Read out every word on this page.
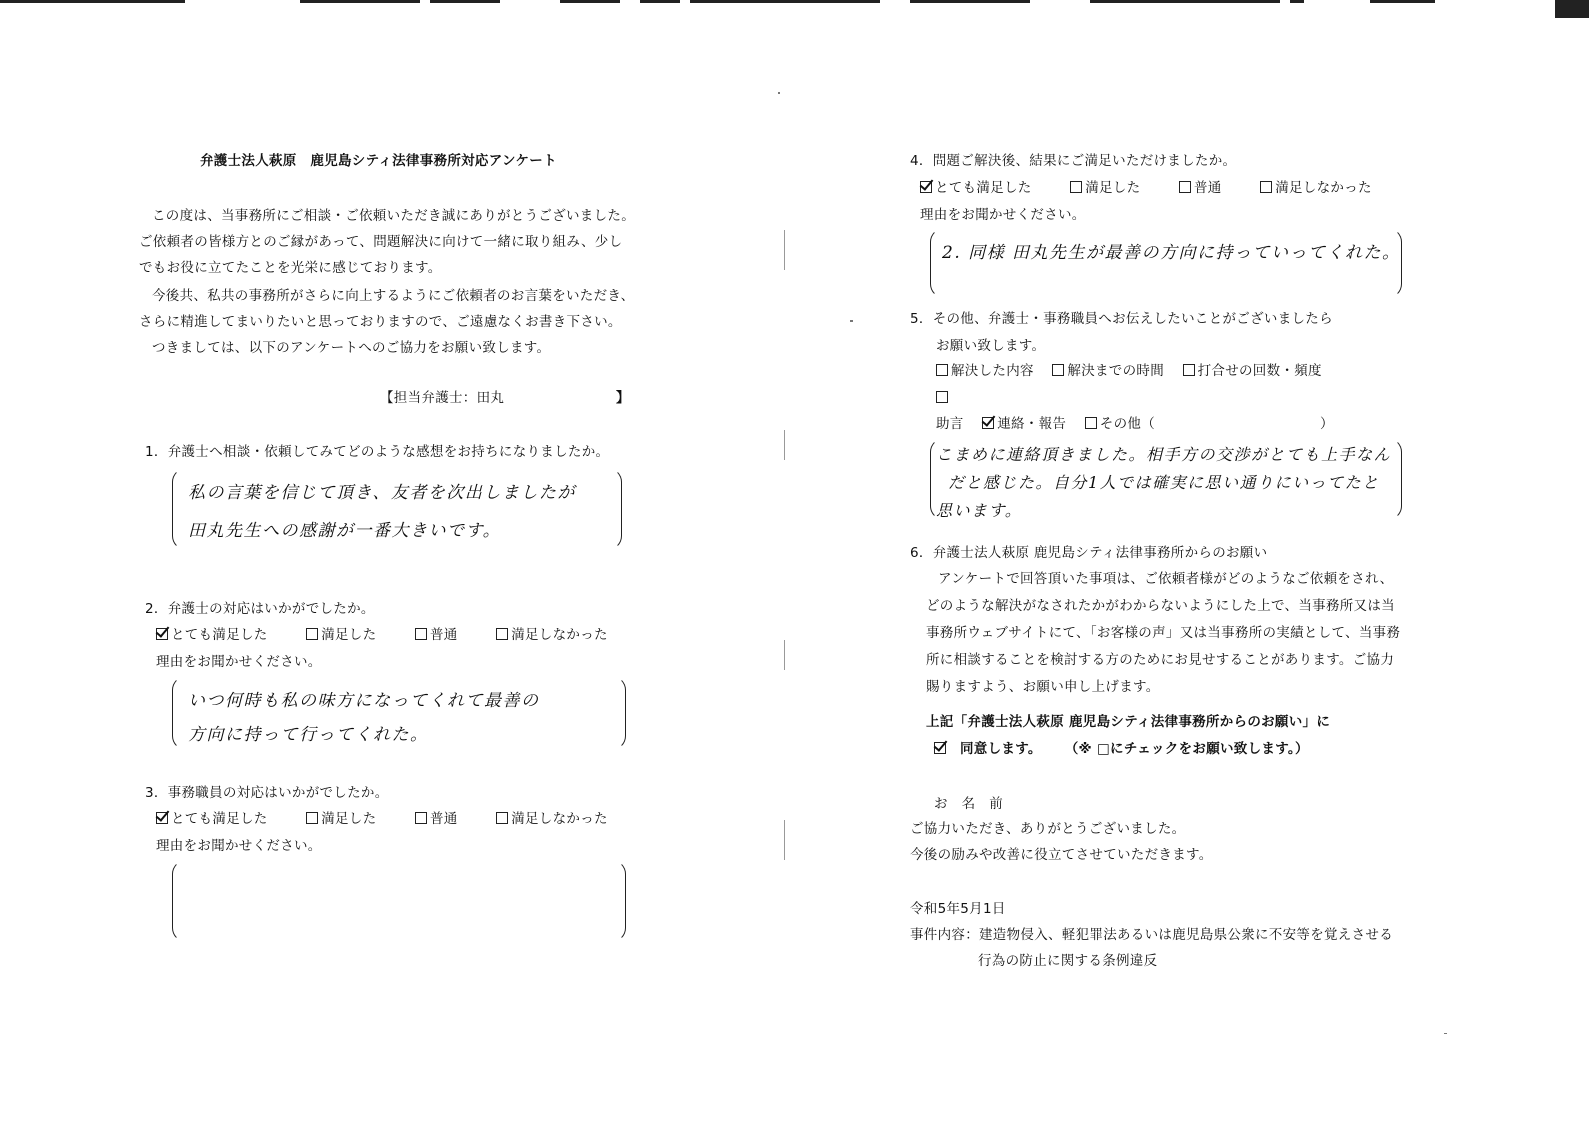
弁護士法人萩原　鹿児島シティ法律事務所対応アンケート
この度は、当事務所にご相談・ご依頼いただき誠にありがとうございました。
ご依頼者の皆様方とのご縁があって、問題解決に向けて一緒に取り組み、少し
でもお役に立てたことを光栄に感じております。
今後共、私共の事務所がさらに向上するようにご依頼者のお言葉をいただき、
さらに精進してまいりたいと思っておりますので、ご遠慮なくお書き下さい。
つきましては、以下のアンケートへのご協力をお願い致します。
【担当弁護士：田丸	】
1．弁護士へ相談・依頼してみてどのような感想をお持ちになりましたか。
私の言葉を信じて頂き、友者を次出しましたが
田丸先生への感謝が一番大きいです。
2．弁護士の対応はいかがでしたか。
とても満足した	満足した	普通	満足しなかった
理由をお聞かせください。
いつ何時も私の味方になってくれて最善の
方向に持って行ってくれた。
3．事務職員の対応はいかがでしたか。
とても満足した	満足した	普通	満足しなかった
理由をお聞かせください。
4．問題ご解決後、結果にご満足いただけましたか。
とても満足した	満足した	普通	満足しなかった
理由をお聞かせください。
2. 同様 田丸先生が最善の方向に持っていってくれた。
5．その他、弁護士・事務職員へお伝えしたいことがございましたら
お願い致します。
解決した内容 解決までの時間 打合せの回数・頻度
助言 連絡・報告 その他（	）
こまめに連絡頂きました。相手方の交渉がとても上手なん
だと感じた。自分1人では確実に思い通りにいってたと
思います。
6．弁護士法人萩原 鹿児島シティ法律事務所からのお願い
アンケートで回答頂いた事項は、ご依頼者様がどのようなご依頼をされ、
どのような解決がなされたかがわからないようにした上で、当事務所又は当
事務所ウェブサイトにて、「お客様の声」又は当事務所の実績として、当事務
所に相談することを検討する方のためにお見せすることがあります。ご協力
賜りますよう、お願い申し上げます。
上記「弁護士法人萩原 鹿児島シティ法律事務所からのお願い」に
同意します。 （※ □にチェックをお願い致します。）
お　名　前
ご協力いただき、ありがとうございました。
今後の励みや改善に役立てさせていただきます。
令和5年5月1日
事件内容：建造物侵入、軽犯罪法あるいは鹿児島県公衆に不安等を覚えさせる
行為の防止に関する条例違反
